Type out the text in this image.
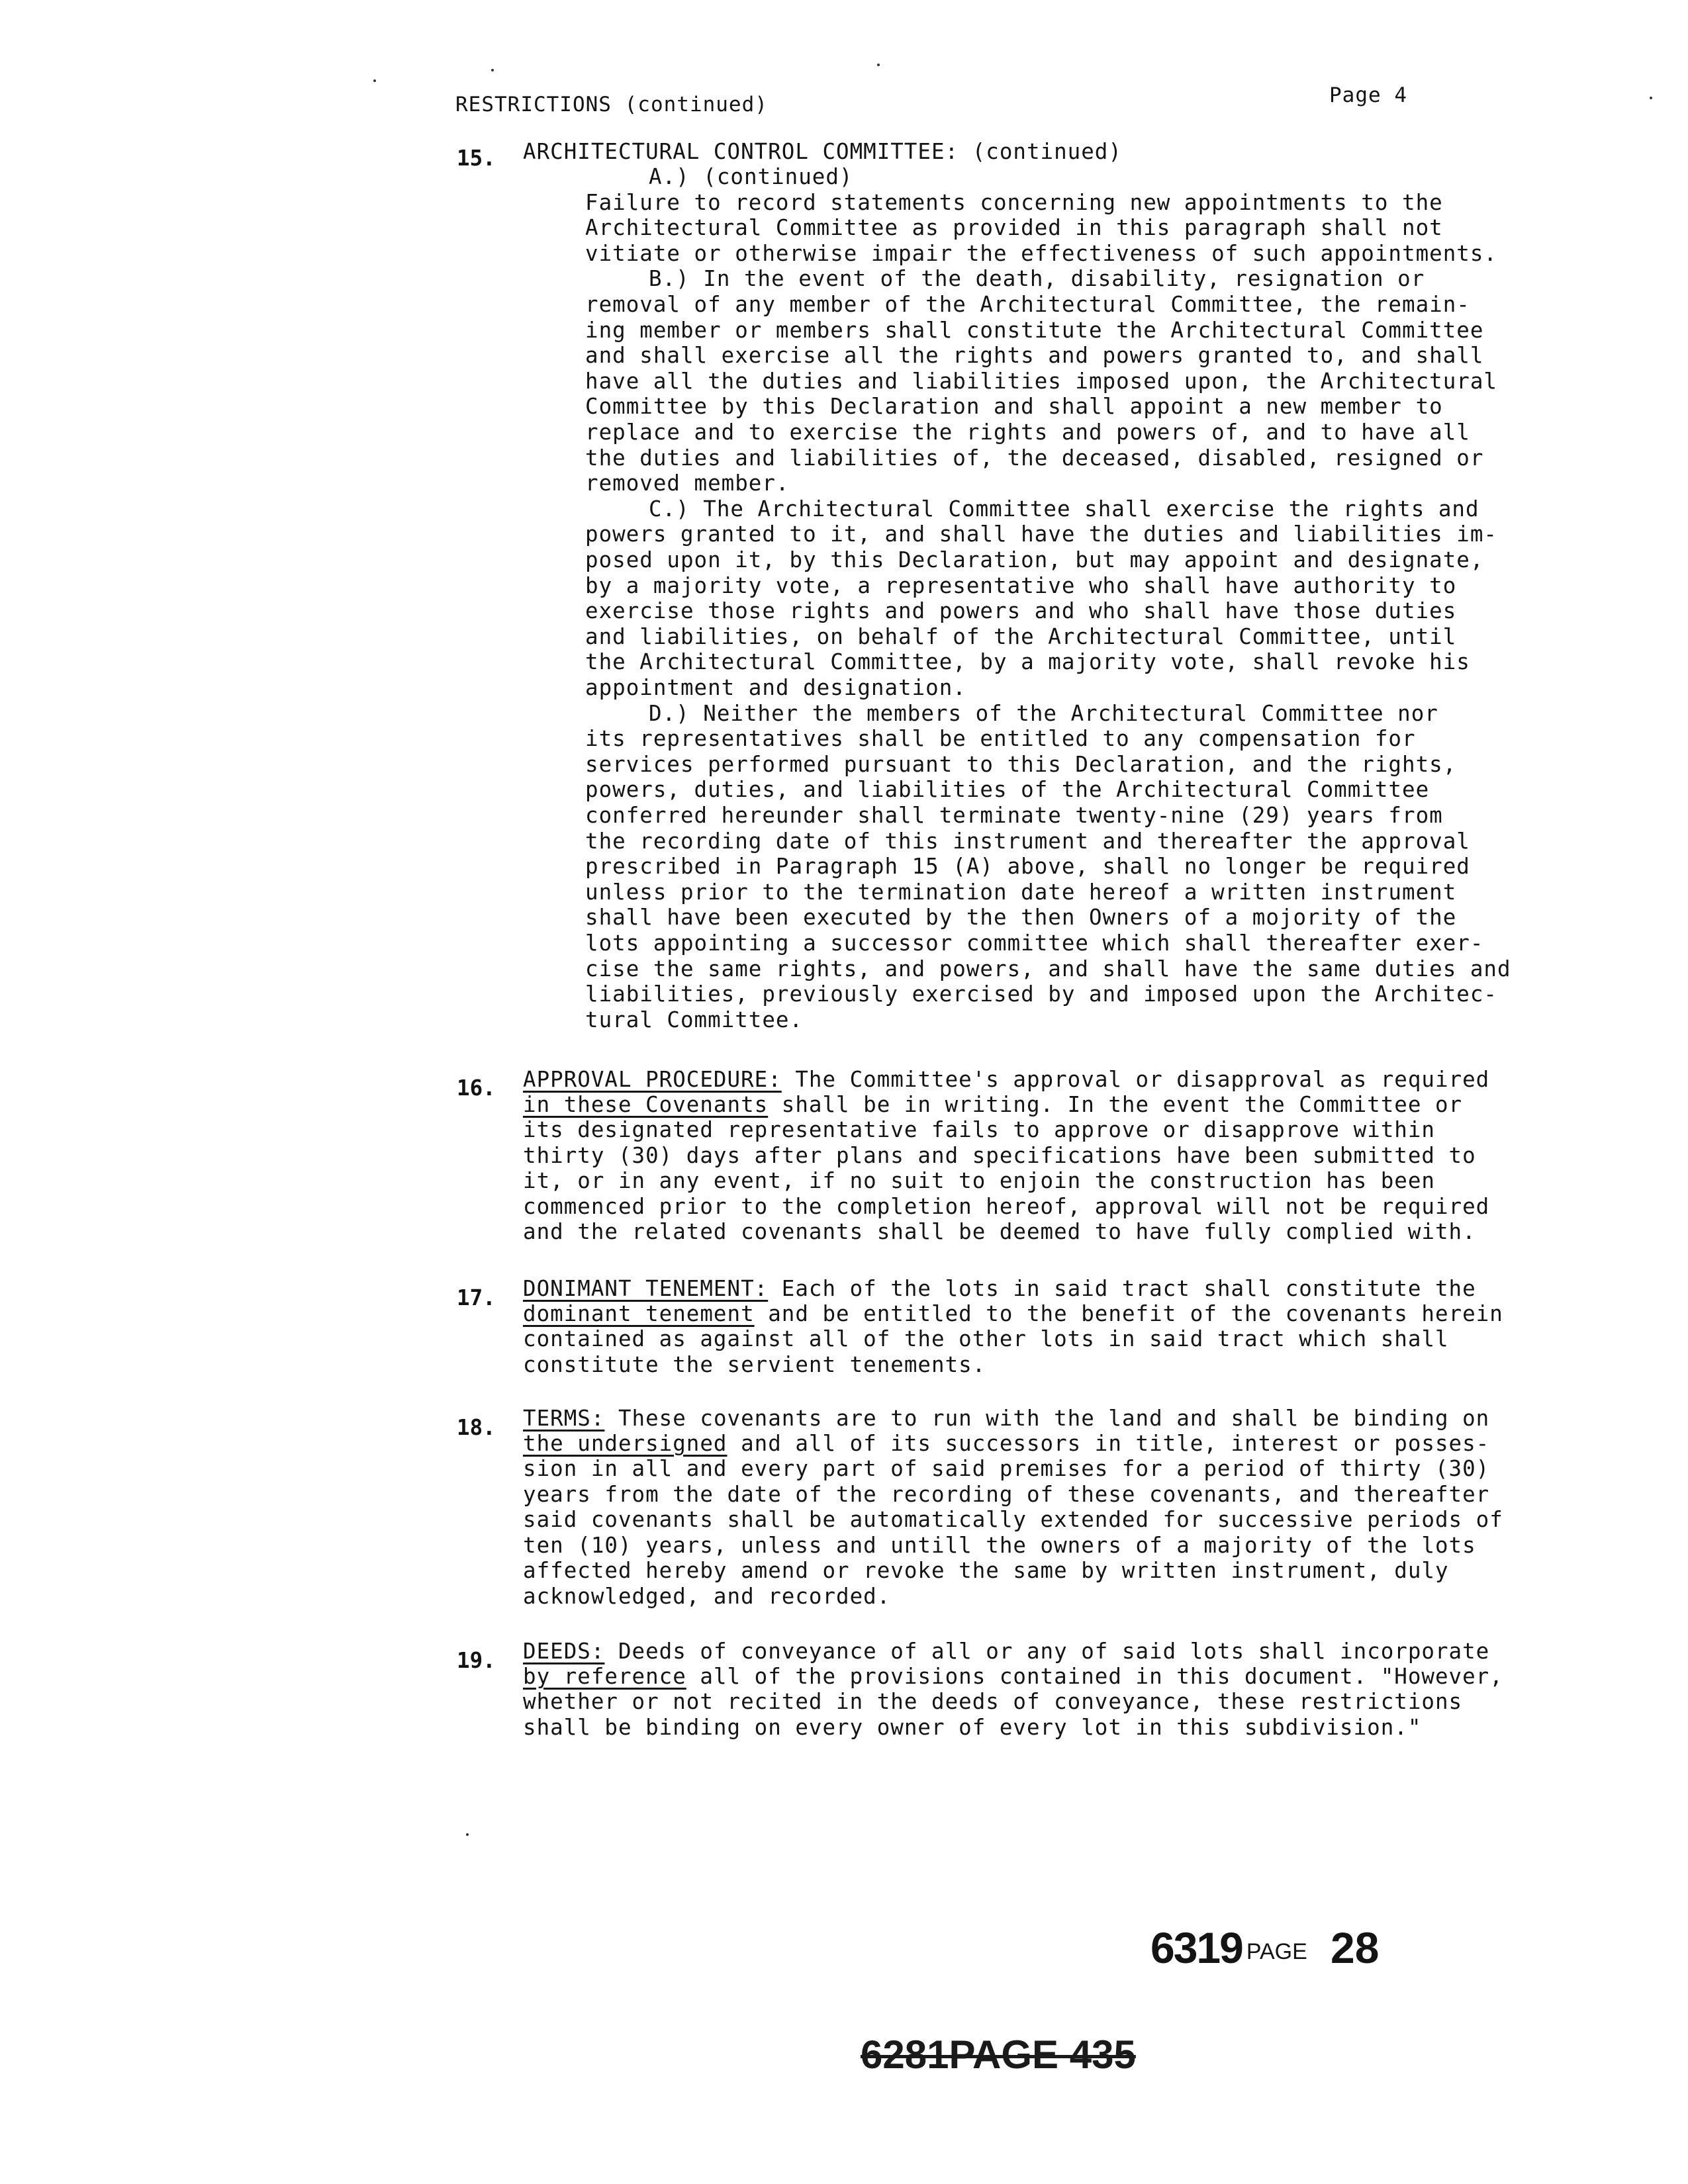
RESTRICTIONS (continued)	Page 4
15. ARCHITECTURAL CONTROL COMMITTEE: (continued)
A.) (continued)
Failure to record statements concerning new appointments to the
Architectural Committee as provided in this paragraph shall not
vitiate or otherwise impair the effectiveness of such appointments.
B.) In the event of the death, disability, resignation or
removal of any member of the Architectural Committee, the remain-
ing member or members shall constitute the Architectural Committee
and shall exercise all the rights and powers granted to, and shall
have all the duties and liabilities imposed upon, the Architectural
Committee by this Declaration and shall appoint a new member to
replace and to exercise the rights and powers of, and to have all
the duties and liabilities of, the deceased, disabled, resigned or
removed member.
C.) The Architectural Committee shall exercise the rights and
powers granted to it, and shall have the duties and liabilities im-
posed upon it, by this Declaration, but may appoint and designate,
by a majority vote, a representative who shall have authority to
exercise those rights and powers and who shall have those duties
and liabilities, on behalf of the Architectural Committee, until
the Architectural Committee, by a majority vote, shall revoke his
appointment and designation.
D.) Neither the members of the Architectural Committee nor
its representatives shall be entitled to any compensation for
services performed pursuant to this Declaration, and the rights,
powers, duties, and liabilities of the Architectural Committee
conferred hereunder shall terminate twenty-nine (29) years from
the recording date of this instrument and thereafter the approval
prescribed in Paragraph 15 (A) above, shall no longer be required
unless prior to the termination date hereof a written instrument
shall have been executed by the then Owners of a mojority of the
lots appointing a successor committee which shall thereafter exer-
cise the same rights, and powers, and shall have the same duties and
liabilities, previously exercised by and imposed upon the Architec-
tural Committee.
16. APPROVAL PROCEDURE: The Committee's approval or disapproval as required
in these Covenants shall be in writing. In the event the Committee or
its designated representative fails to approve or disapprove within
thirty (30) days after plans and specifications have been submitted to
it, or in any event, if no suit to enjoin the construction has been
commenced prior to the completion hereof, approval will not be required
and the related covenants shall be deemed to have fully complied with.
17. DONIMANT TENEMENT: Each of the lots in said tract shall constitute the
dominant tenement and be entitled to the benefit of the covenants herein
contained as against all of the other lots in said tract which shall
constitute the servient tenements.
18. TERMS: These covenants are to run with the land and shall be binding on
the undersigned and all of its successors in title, interest or posses-
sion in all and every part of said premises for a period of thirty (30)
years from the date of the recording of these covenants, and thereafter
said covenants shall be automatically extended for successive periods of
ten (10) years, unless and untill the owners of a majority of the lots
affected hereby amend or revoke the same by written instrument, duly
acknowledged, and recorded.
19. DEEDS: Deeds of conveyance of all or any of said lots shall incorporate
by reference all of the provisions contained in this document. "However,
whether or not recited in the deeds of conveyance, these restrictions
shall be binding on every owner of every lot in this subdivision."
6319 PAGE 28
6281PAGE 435
